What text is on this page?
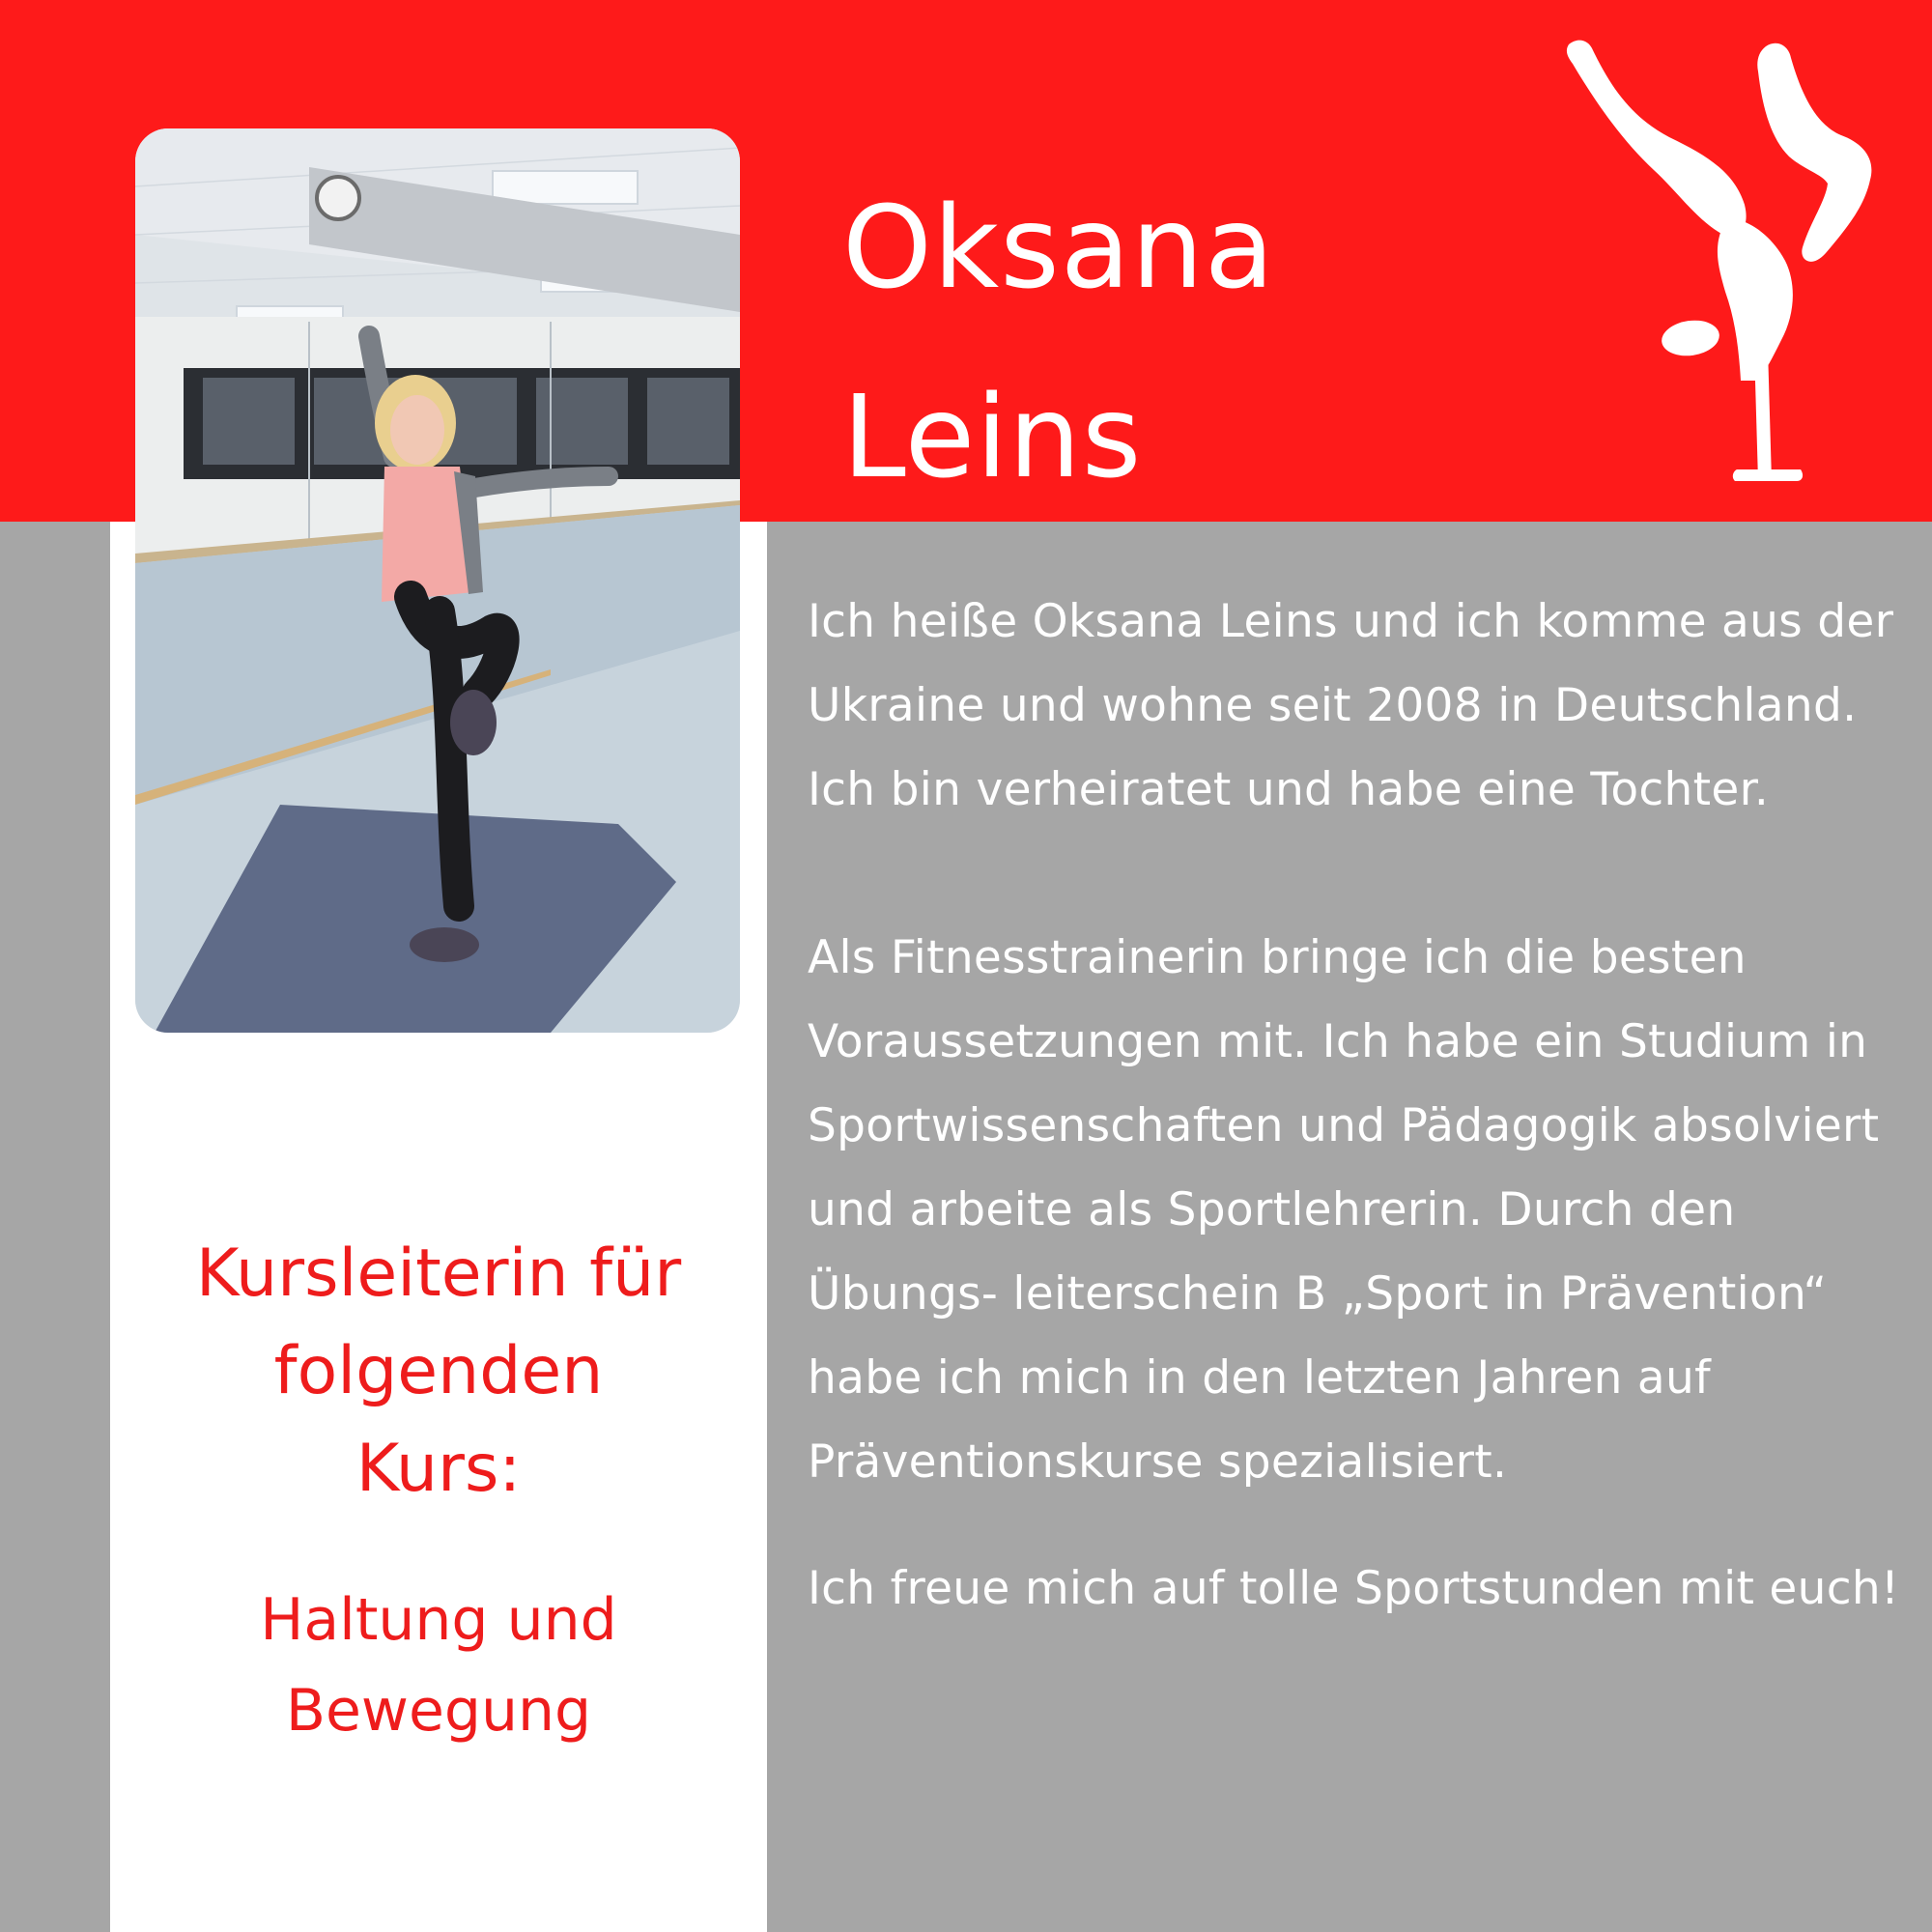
Oksana
Leins
Kursleiterin für
folgenden
Kurs:

Haltung und
Bewegung

Ich heiße Oksana Leins und ich komme aus der Ukraine und wohne seit 2008 in Deutschland. Ich bin verheiratet und habe eine Tochter.

Als Fitnesstrainerin bringe ich die besten Voraussetzungen mit. Ich habe ein Studium in Sportwissenschaften und Pädagogik absolviert und arbeite als Sportlehrerin. Durch den Übungs- leiterschein B „Sport in Prävention“ habe ich mich in den letzten Jahren auf Präventionskurse spezialisiert.

Ich freue mich auf tolle Sportstunden mit euch!
